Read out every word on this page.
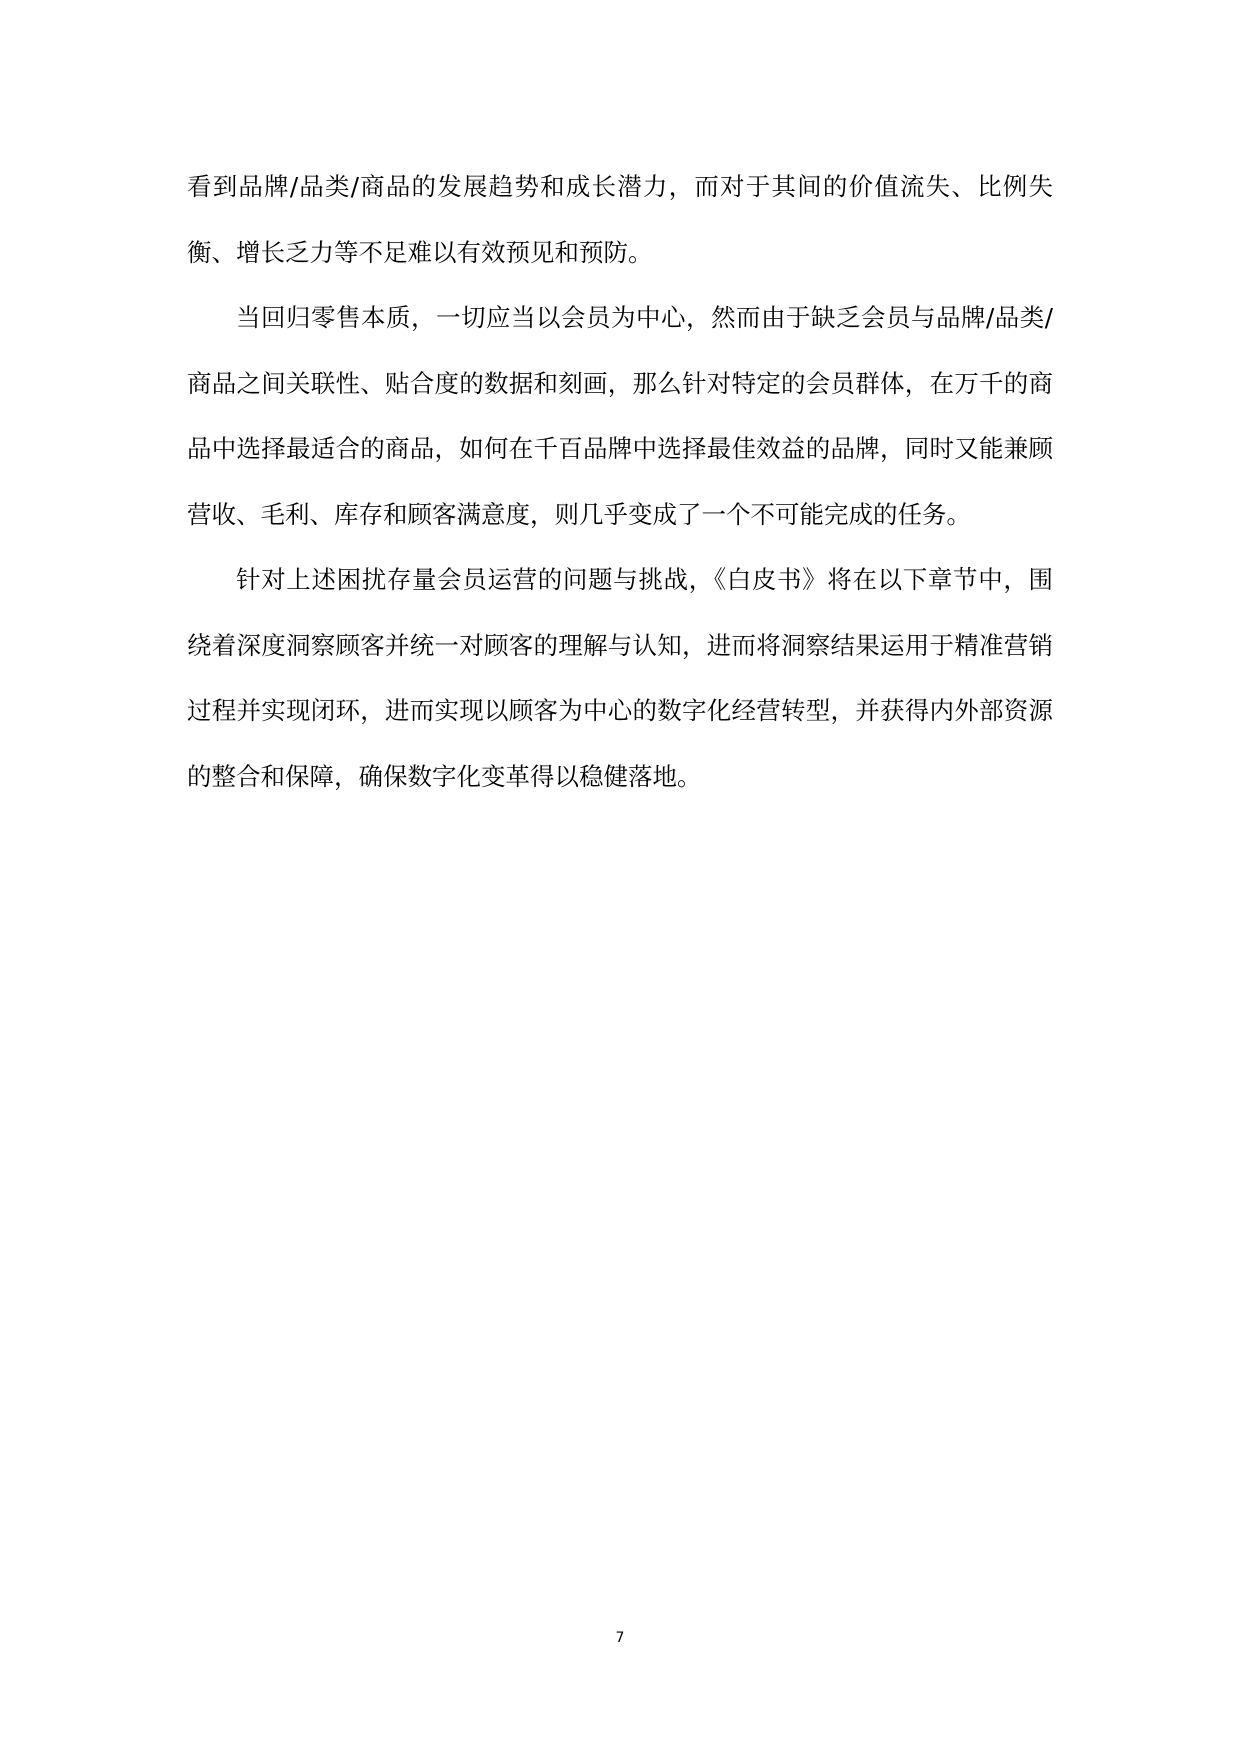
看到品牌/品类/商品的发展趋势和成长潜力，而对于其间的价值流失、比例失衡、增长乏力等不足难以有效预见和预防。

当回归零售本质，一切应当以会员为中心，然而由于缺乏会员与品牌/品类/商品之间关联性、贴合度的数据和刻画，那么针对特定的会员群体，在万千的商品中选择最适合的商品，如何在千百品牌中选择最佳效益的品牌，同时又能兼顾营收、毛利、库存和顾客满意度，则几乎变成了一个不可能完成的任务。

针对上述困扰存量会员运营的问题与挑战，《白皮书》将在以下章节中，围绕着深度洞察顾客并统一对顾客的理解与认知，进而将洞察结果运用于精准营销过程并实现闭环，进而实现以顾客为中心的数字化经营转型，并获得内外部资源的整合和保障，确保数字化变革得以稳健落地。

7
